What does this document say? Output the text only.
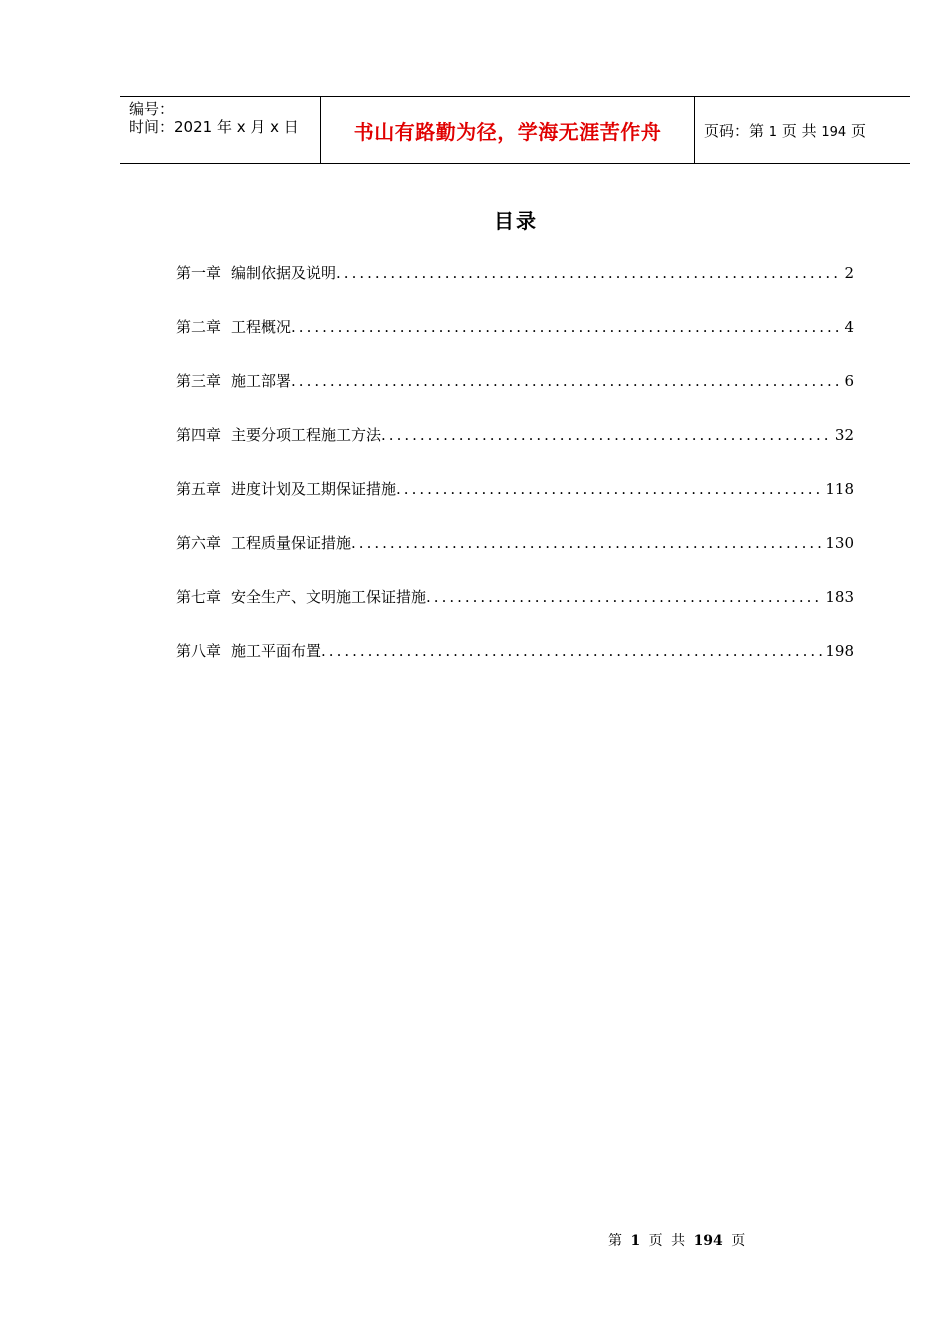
编号：
时间：2021 年 x 月 x 日	书山有路勤为径，学海无涯苦作舟	页码：第 1 页 共 194 页
目录
第一章 编制依据及说明 .....	2
第二章 工程概况 .....	4
第三章 施工部署 .....	6
第四章 主要分项工程施工方法 .....	32
第五章 进度计划及工期保证措施 .....	118
第六章 工程质量保证措施 .....	130
第七章 安全生产、文明施工保证措施 .....	183
第八章 施工平面布置 .....	198
第 1 页 共 194 页
